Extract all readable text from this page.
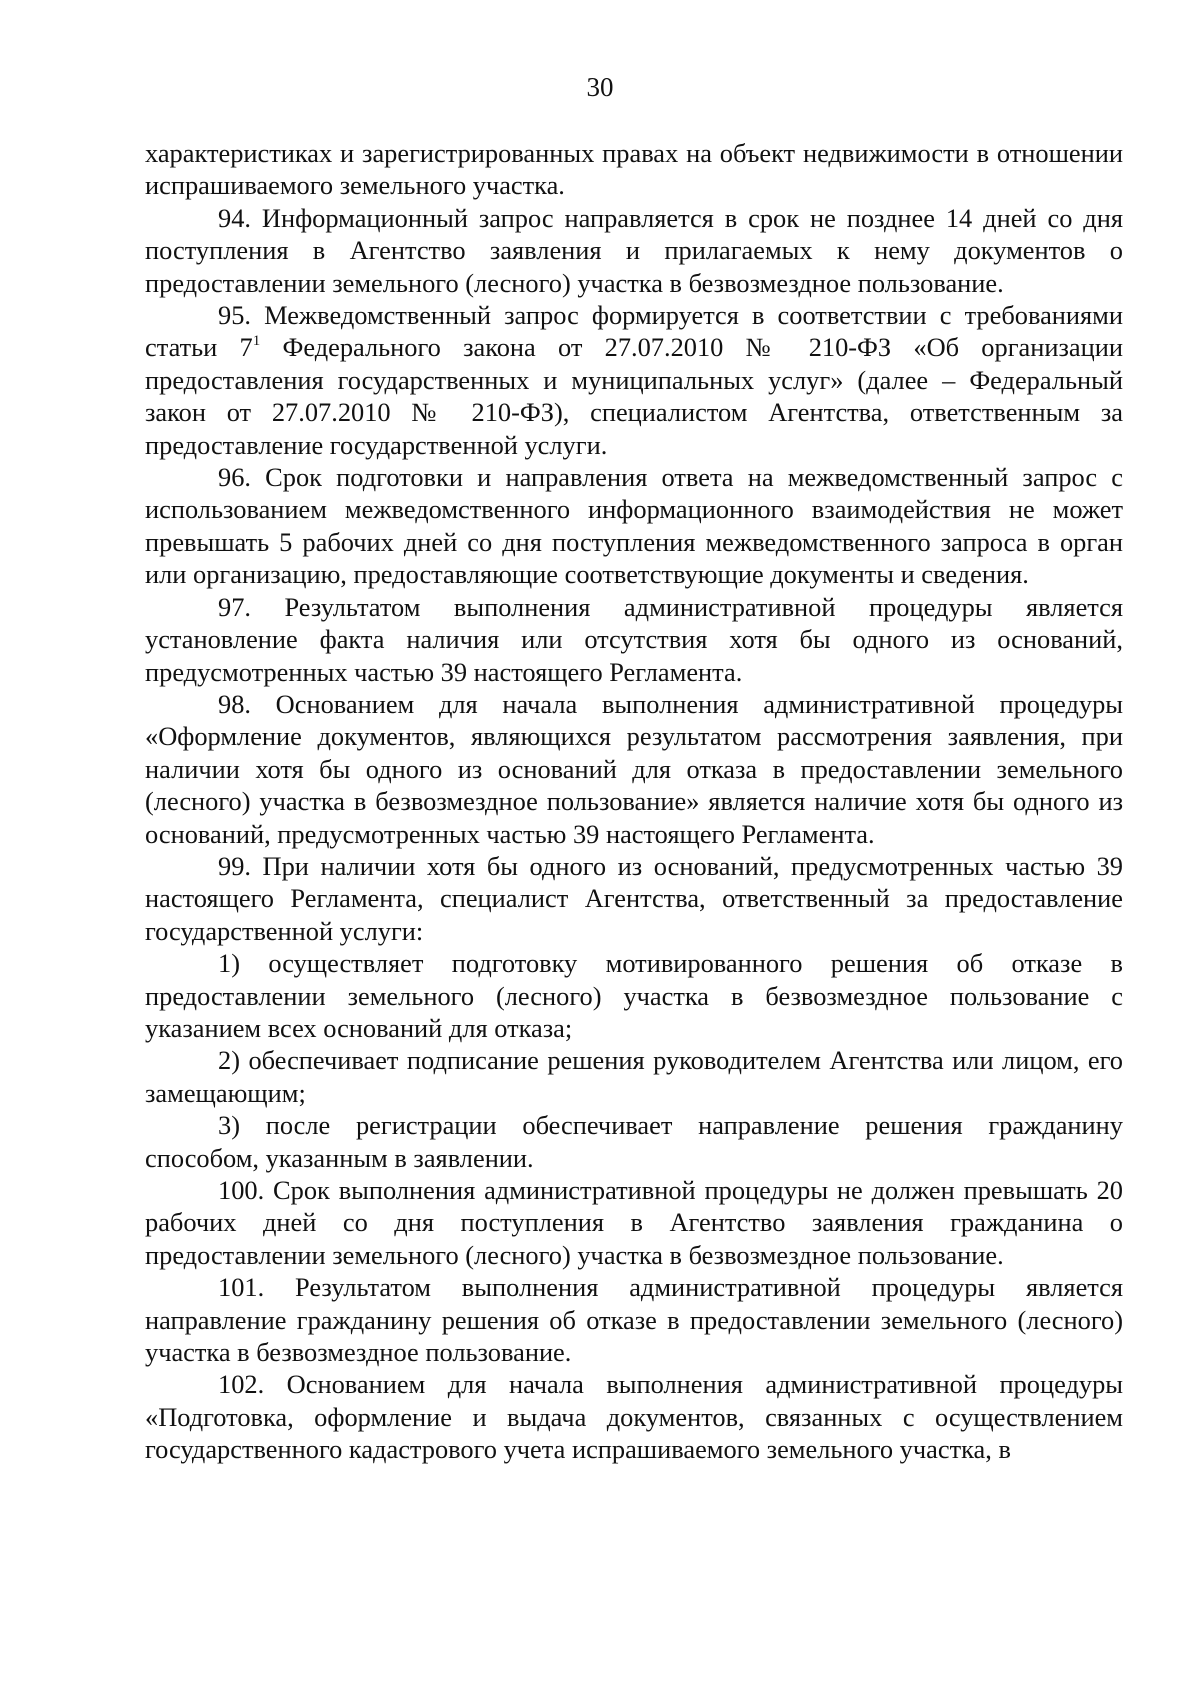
30

характеристиках и зарегистрированных правах на объект недвижимости в отношении испрашиваемого земельного участка.

94. Информационный запрос направляется в срок не позднее 14 дней со дня поступления в Агентство заявления и прилагаемых к нему документов о предоставлении земельного (лесного) участка в безвозмездное пользование.

95. Межведомственный запрос формируется в соответствии с требованиями статьи $7^1$ Федерального закона от 27.07.2010 № 210-ФЗ «Об организации предоставления государственных и муниципальных услуг» (далее – Федеральный закон от 27.07.2010 № 210-ФЗ), специалистом Агентства, ответственным за предоставление государственной услуги.

96. Срок подготовки и направления ответа на межведомственный запрос с использованием межведомственного информационного взаимодействия не может превышать 5 рабочих дней со дня поступления межведомственного запроса в орган или организацию, предоставляющие соответствующие документы и сведения.

97. Результатом выполнения административной процедуры является установление факта наличия или отсутствия хотя бы одного из оснований, предусмотренных частью 39 настоящего Регламента.

98. Основанием для начала выполнения административной процедуры «Оформление документов, являющихся результатом рассмотрения заявления, при наличии хотя бы одного из оснований для отказа в предоставлении земельного (лесного) участка в безвозмездное пользование» является наличие хотя бы одного из оснований, предусмотренных частью 39 настоящего Регламента.

99. При наличии хотя бы одного из оснований, предусмотренных частью 39 настоящего Регламента, специалист Агентства, ответственный за предоставление государственной услуги:

1) осуществляет подготовку мотивированного решения об отказе в предоставлении земельного (лесного) участка в безвозмездное пользование с указанием всех оснований для отказа;

2) обеспечивает подписание решения руководителем Агентства или лицом, его замещающим;

3) после регистрации обеспечивает направление решения гражданину способом, указанным в заявлении.

100. Срок выполнения административной процедуры не должен превышать 20 рабочих дней со дня поступления в Агентство заявления гражданина о предоставлении земельного (лесного) участка в безвозмездное пользование.

101. Результатом выполнения административной процедуры является направление гражданину решения об отказе в предоставлении земельного (лесного) участка в безвозмездное пользование.

102. Основанием для начала выполнения административной процедуры «Подготовка, оформление и выдача документов, связанных с осуществлением государственного кадастрового учета испрашиваемого земельного участка, в
